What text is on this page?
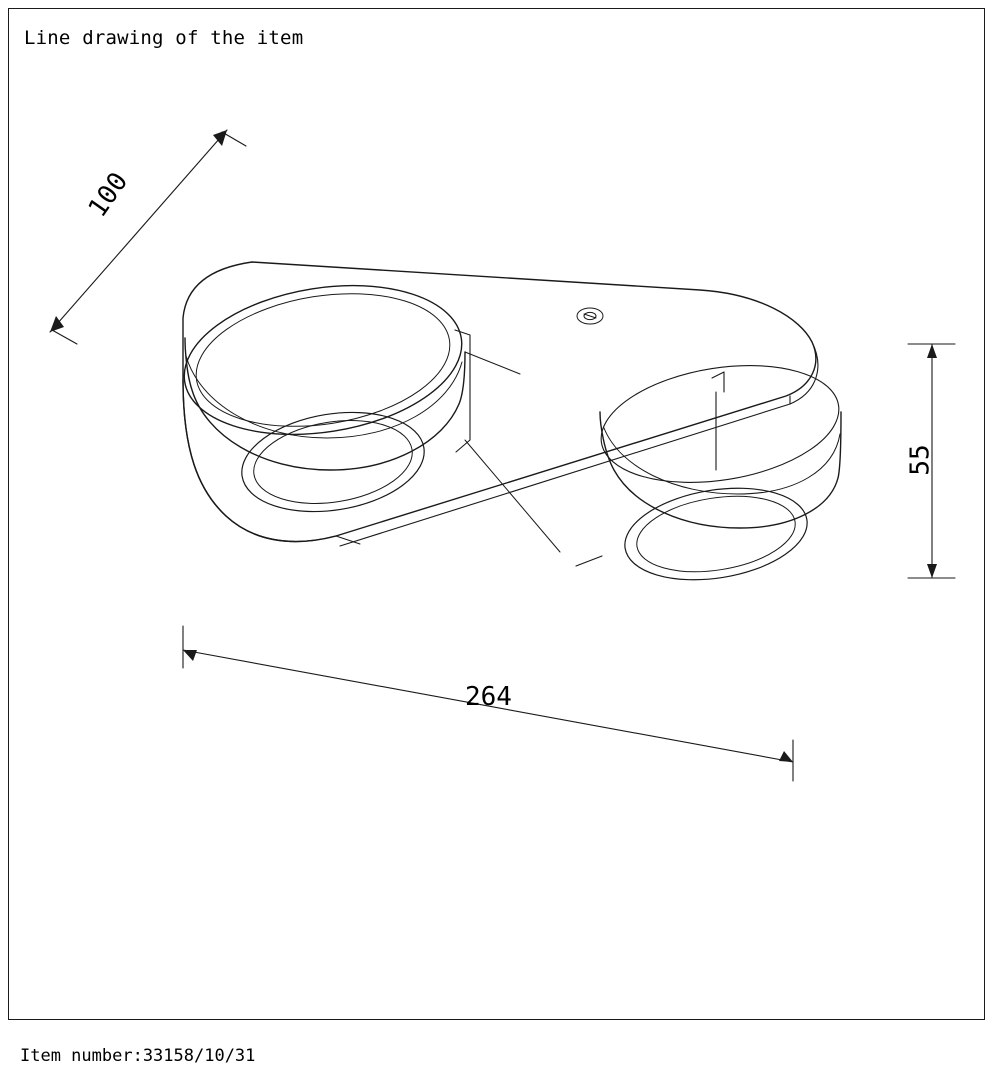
Line drawing of the item
100
55
264
Item number:33158/10/31
